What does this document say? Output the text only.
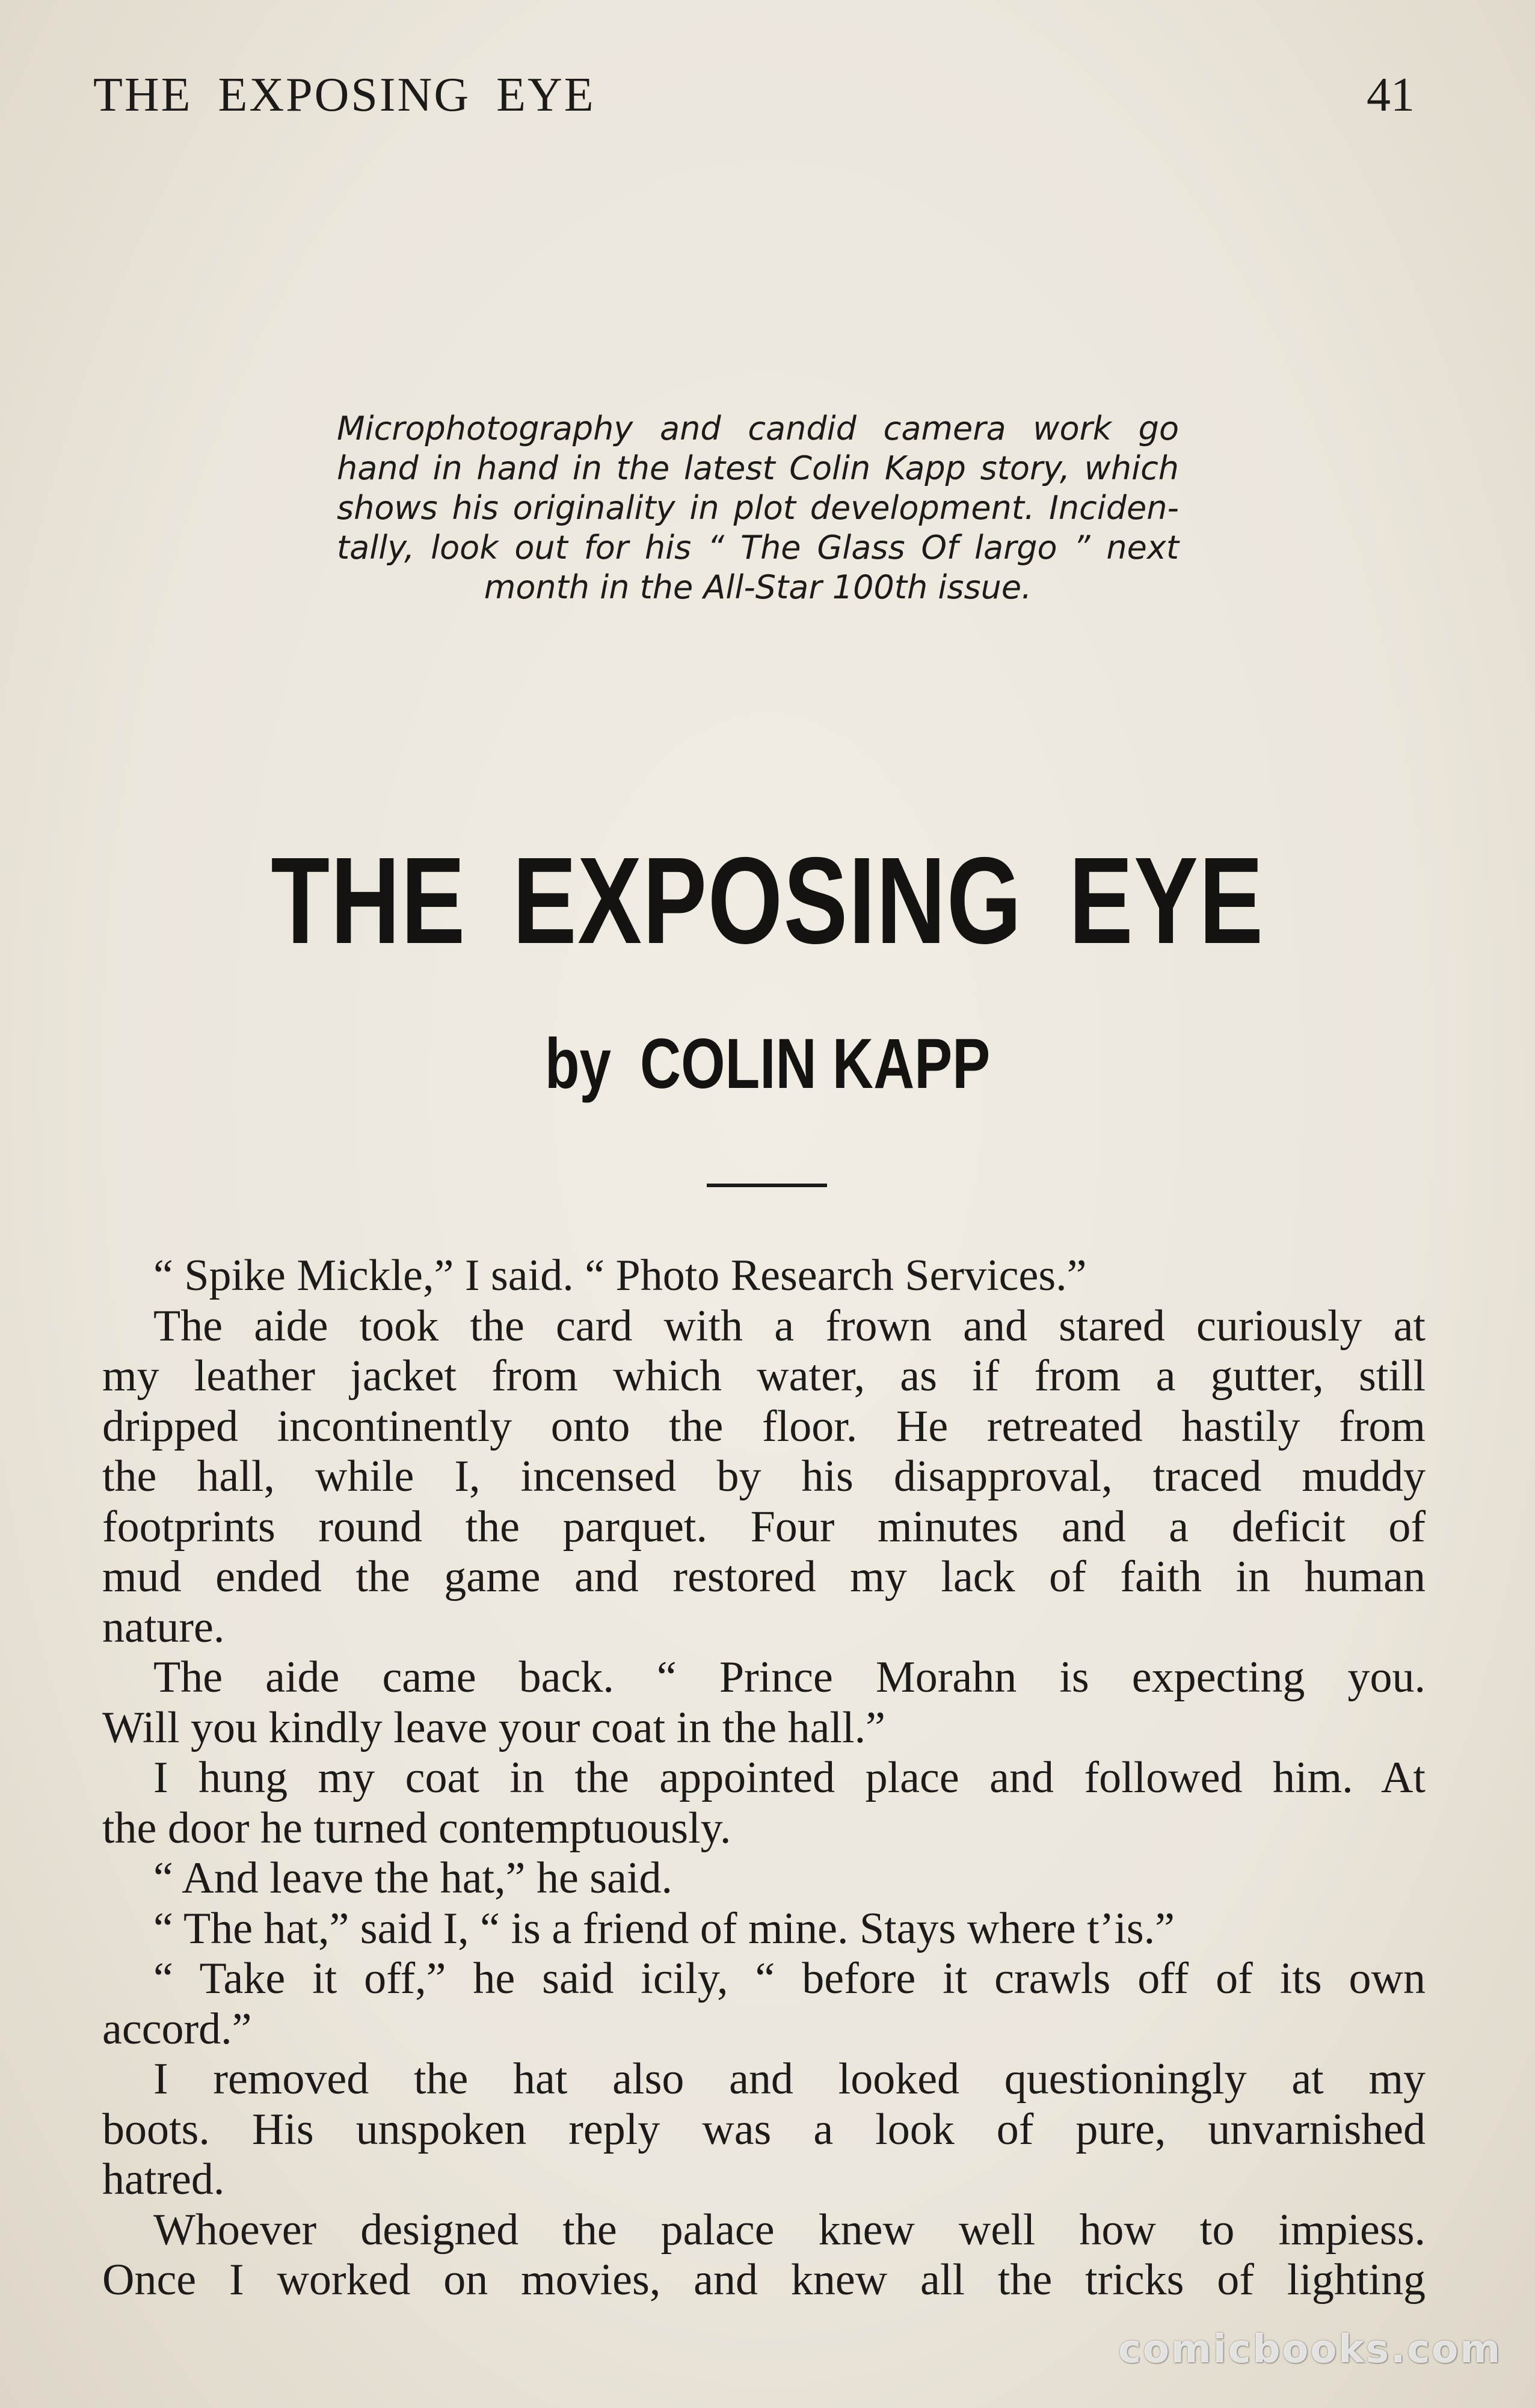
THE EXPOSING EYE	41
Microphotography and candid camera work go
hand in hand in the latest Colin Kapp story, which
shows his originality in plot development. Inciden-
tally, look out for his “ The Glass Of largo ” next
month in the All-Star 100th issue.
THE EXPOSING EYE
by COLIN KAPP
“ Spike Mickle,” I said. “ Photo Research Services.”
The aide took the card with a frown and stared curiously at
my leather jacket from which water, as if from a gutter, still
dripped incontinently onto the floor. He retreated hastily from
the hall, while I, incensed by his disapproval, traced muddy
footprints round the parquet. Four minutes and a deficit of
mud ended the game and restored my lack of faith in human
nature.
The aide came back. “ Prince Morahn is expecting you.
Will you kindly leave your coat in the hall.”
I hung my coat in the appointed place and followed him. At
the door he turned contemptuously.
“ And leave the hat,” he said.
“ The hat,” said I, “ is a friend of mine. Stays where t’is.”
“ Take it off,” he said icily, “ before it crawls off of its own
accord.”
I removed the hat also and looked questioningly at my
boots. His unspoken reply was a look of pure, unvarnished
hatred.
Whoever designed the palace knew well how to impiess.
Once I worked on movies, and knew all the tricks of lighting
comicbooks.com
